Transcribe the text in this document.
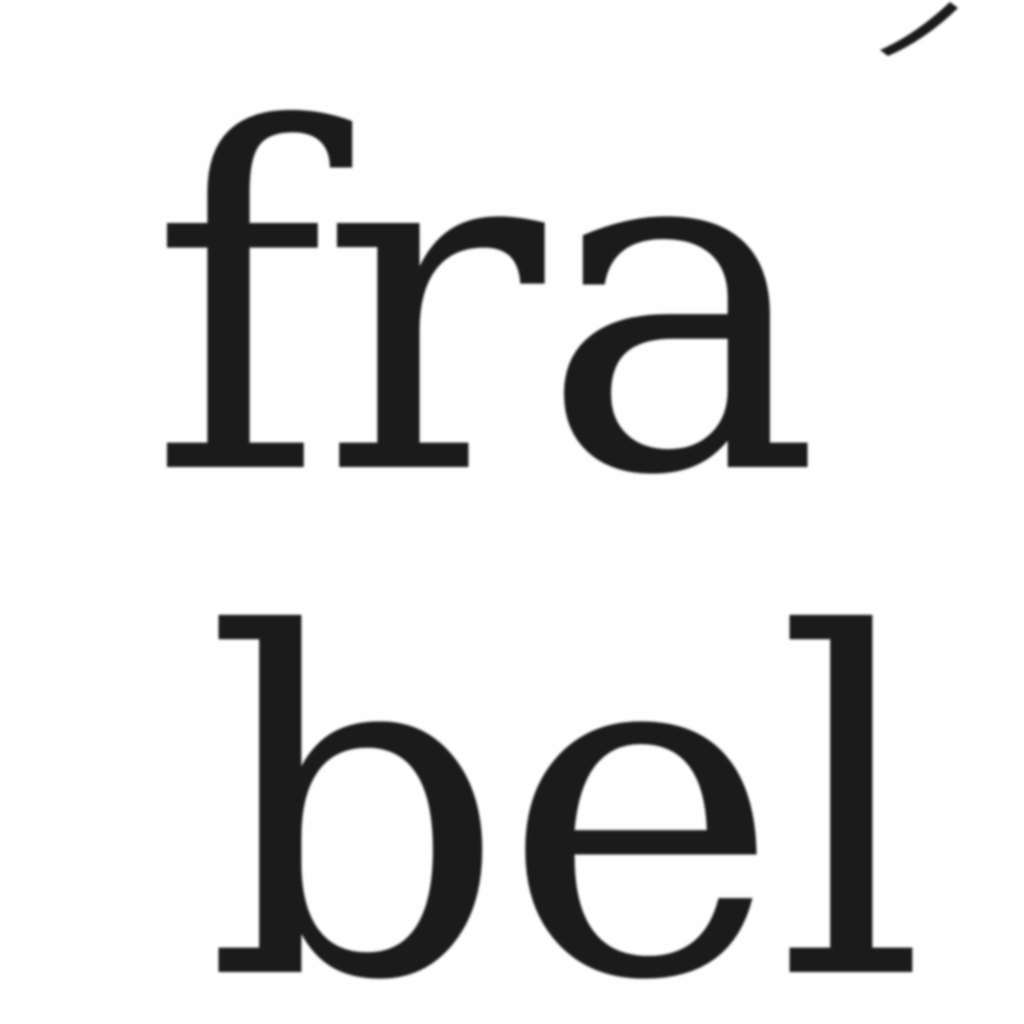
fra
bel
